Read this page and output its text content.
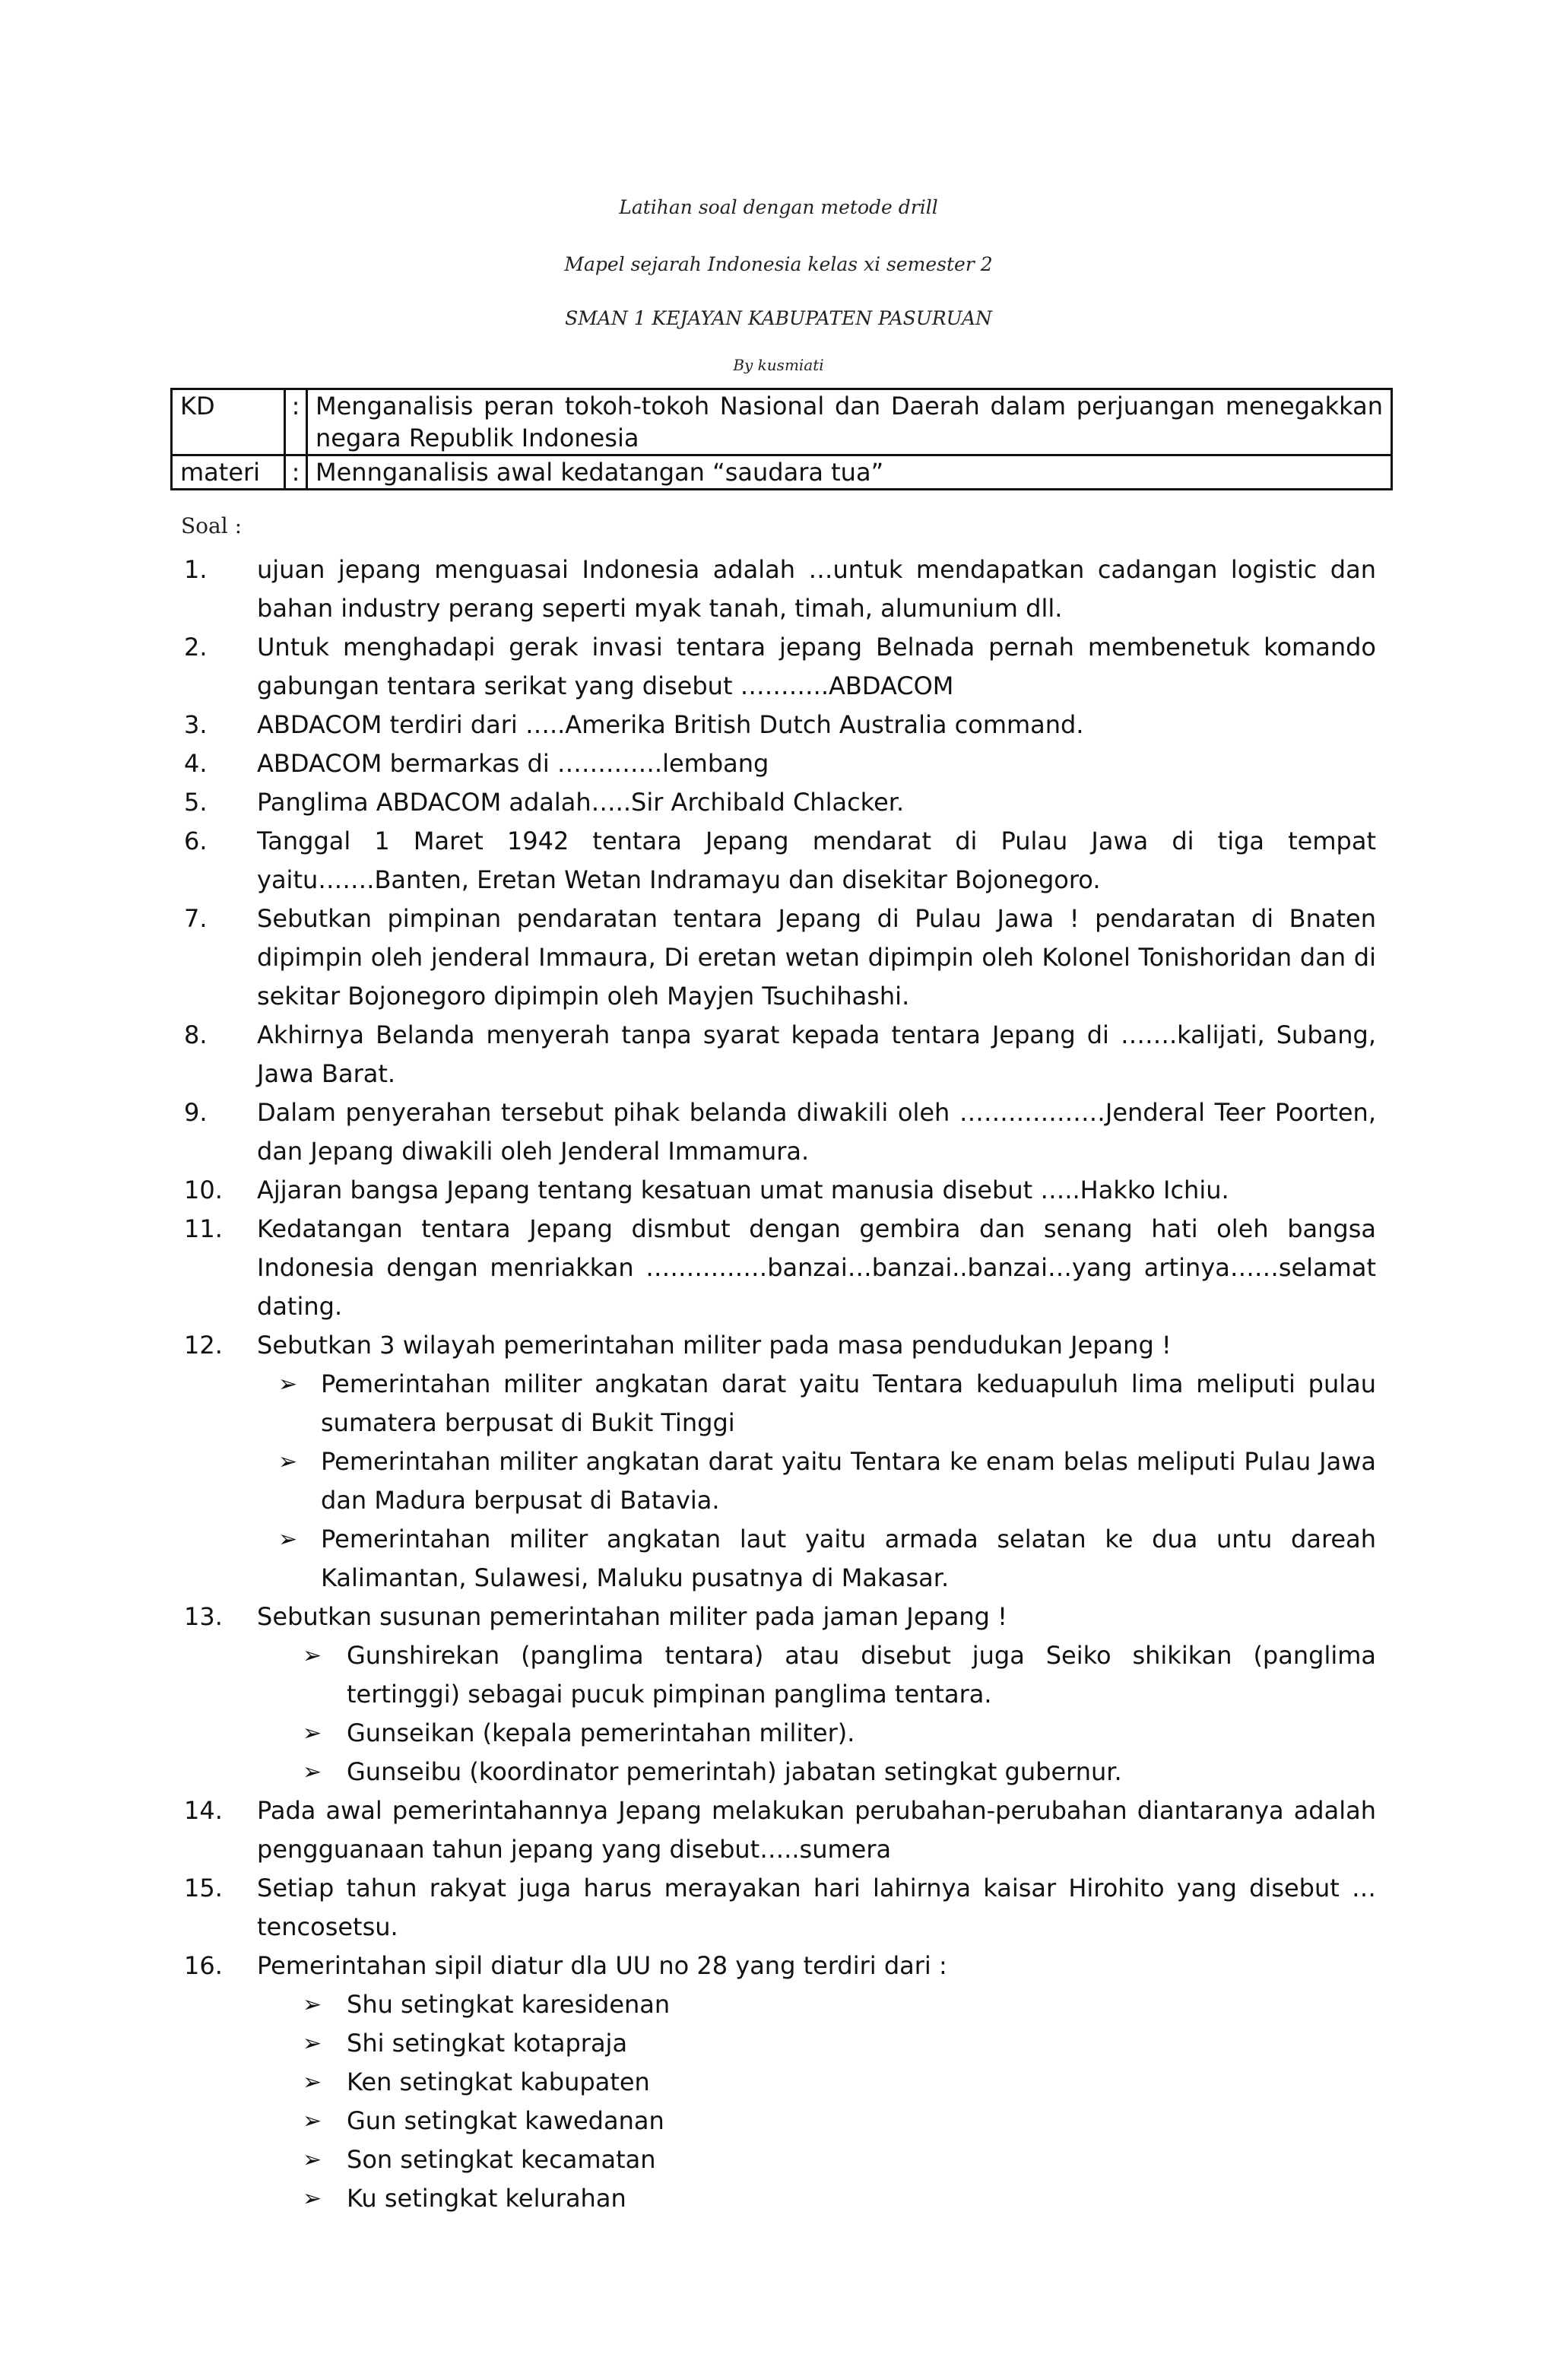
Latihan soal dengan metode drill
Mapel sejarah Indonesia kelas xi semester 2
SMAN 1 KEJAYAN KABUPATEN PASURUAN
By kusmiati
KD	:	Menganalisis peran tokoh-tokoh Nasional dan Daerah dalam perjuangan menegakkan negara Republik Indonesia
materi	:	Mennganalisis awal kedatangan “saudara tua”
Soal :
1. ujuan jepang menguasai Indonesia adalah …untuk mendapatkan cadangan logistic dan bahan industry perang seperti myak tanah, timah, alumunium dll.
2. Untuk menghadapi gerak invasi tentara jepang Belnada pernah membenetuk komando gabungan tentara serikat yang disebut ………..ABDACOM
3. ABDACOM terdiri dari …..Amerika British Dutch Australia command.
4. ABDACOM bermarkas di ………….lembang
5. Panglima ABDACOM adalah…..Sir Archibald Chlacker.
6. Tanggal 1 Maret 1942 tentara Jepang mendarat di Pulau Jawa di tiga tempat yaitu…….Banten, Eretan Wetan Indramayu dan disekitar Bojonegoro.
7. Sebutkan pimpinan pendaratan tentara Jepang di Pulau Jawa ! pendaratan di Bnaten dipimpin oleh jenderal Immaura, Di eretan wetan dipimpin oleh Kolonel Tonishoridan dan di sekitar Bojonegoro dipimpin oleh Mayjen Tsuchihashi.
8. Akhirnya Belanda menyerah tanpa syarat kepada tentara Jepang di …….kalijati, Subang, Jawa Barat.
9. Dalam penyerahan tersebut pihak belanda diwakili oleh ………………Jenderal Teer Poorten, dan Jepang diwakili oleh Jenderal Immamura.
10. Ajjaran bangsa Jepang tentang kesatuan umat manusia disebut …..Hakko Ichiu.
11. Kedatangan tentara Jepang dismbut dengan gembira dan senang hati oleh bangsa Indonesia dengan menriakkan ……………banzai…banzai..banzai…yang artinya……selamat dating.
12. Sebutkan 3 wilayah pemerintahan militer pada masa pendudukan Jepang !
➢ Pemerintahan militer angkatan darat yaitu Tentara keduapuluh lima meliputi pulau sumatera berpusat di Bukit Tinggi
➢ Pemerintahan militer angkatan darat yaitu Tentara ke enam belas meliputi Pulau Jawa dan Madura berpusat di Batavia.
➢ Pemerintahan militer angkatan laut yaitu armada selatan ke dua untu dareah Kalimantan, Sulawesi, Maluku pusatnya di Makasar.
13. Sebutkan susunan pemerintahan militer pada jaman Jepang !
➢ Gunshirekan (panglima tentara) atau disebut juga Seiko shikikan (panglima tertinggi) sebagai pucuk pimpinan panglima tentara.
➢ Gunseikan (kepala pemerintahan militer).
➢ Gunseibu (koordinator pemerintah) jabatan setingkat gubernur.
14. Pada awal pemerintahannya Jepang melakukan perubahan-perubahan diantaranya adalah pengguanaan tahun jepang yang disebut…..sumera
15. Setiap tahun rakyat juga harus merayakan hari lahirnya kaisar Hirohito yang disebut …tencosetsu.
16. Pemerintahan sipil diatur dla UU no 28 yang terdiri dari :
➢ Shu setingkat karesidenan
➢ Shi setingkat kotapraja
➢ Ken setingkat kabupaten
➢ Gun setingkat kawedanan
➢ Son setingkat kecamatan
➢ Ku setingkat kelurahan
